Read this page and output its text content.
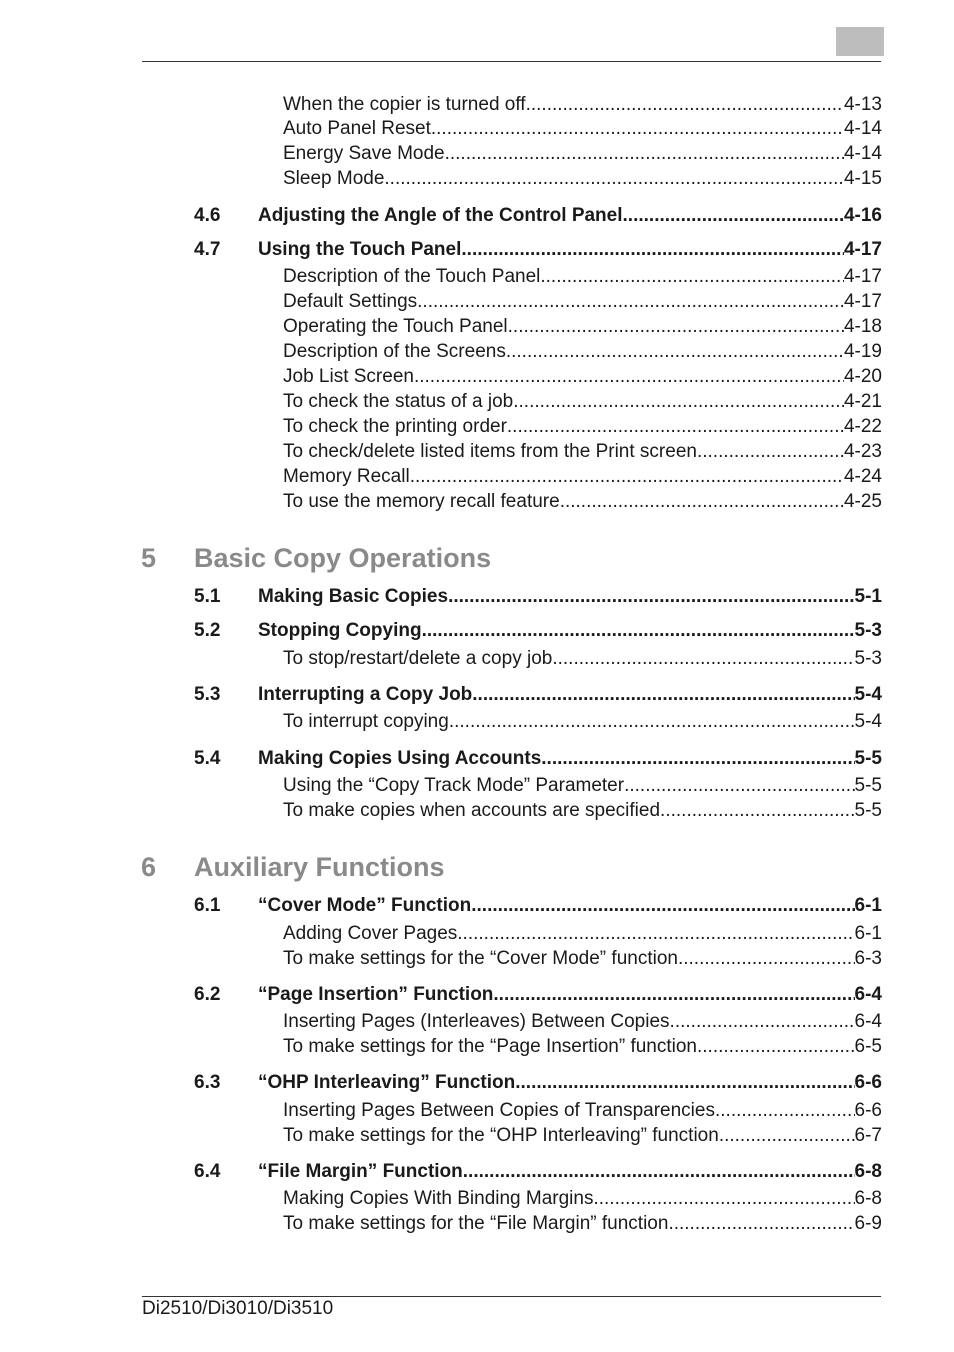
When the copier is turned off .....	4-13
Auto Panel Reset .....	4-14
Energy Save Mode .....	4-14
Sleep Mode .....	4-15
4.6	Adjusting the Angle of the Control Panel .....	4-16
4.7	Using the Touch Panel .....	4-17
Description of the Touch Panel .....	4-17
Default Settings .....	4-17
Operating the Touch Panel .....	4-18
Description of the Screens .....	4-19
Job List Screen .....	4-20
To check the status of a job .....	4-21
To check the printing order .....	4-22
To check/delete listed items from the Print screen .....	4-23
Memory Recall .....	4-24
To use the memory recall feature .....	4-25
5	Basic Copy Operations
5.1	Making Basic Copies .....	5-1
5.2	Stopping Copying .....	5-3
To stop/restart/delete a copy job .....	5-3
5.3	Interrupting a Copy Job .....	5-4
To interrupt copying .....	5-4
5.4	Making Copies Using Accounts .....	5-5
Using the “Copy Track Mode” Parameter .....	5-5
To make copies when accounts are specified .....	5-5
6	Auxiliary Functions
6.1	“Cover Mode” Function .....	6-1
Adding Cover Pages .....	6-1
To make settings for the “Cover Mode” function .....	6-3
6.2	“Page Insertion” Function .....	6-4
Inserting Pages (Interleaves) Between Copies .....	6-4
To make settings for the “Page Insertion” function .....	6-5
6.3	“OHP Interleaving” Function .....	6-6
Inserting Pages Between Copies of Transparencies .....	6-6
To make settings for the “OHP Interleaving” function .....	6-7
6.4	“File Margin” Function .....	6-8
Making Copies With Binding Margins .....	6-8
To make settings for the “File Margin” function .....	6-9
Di2510/Di3010/Di3510
